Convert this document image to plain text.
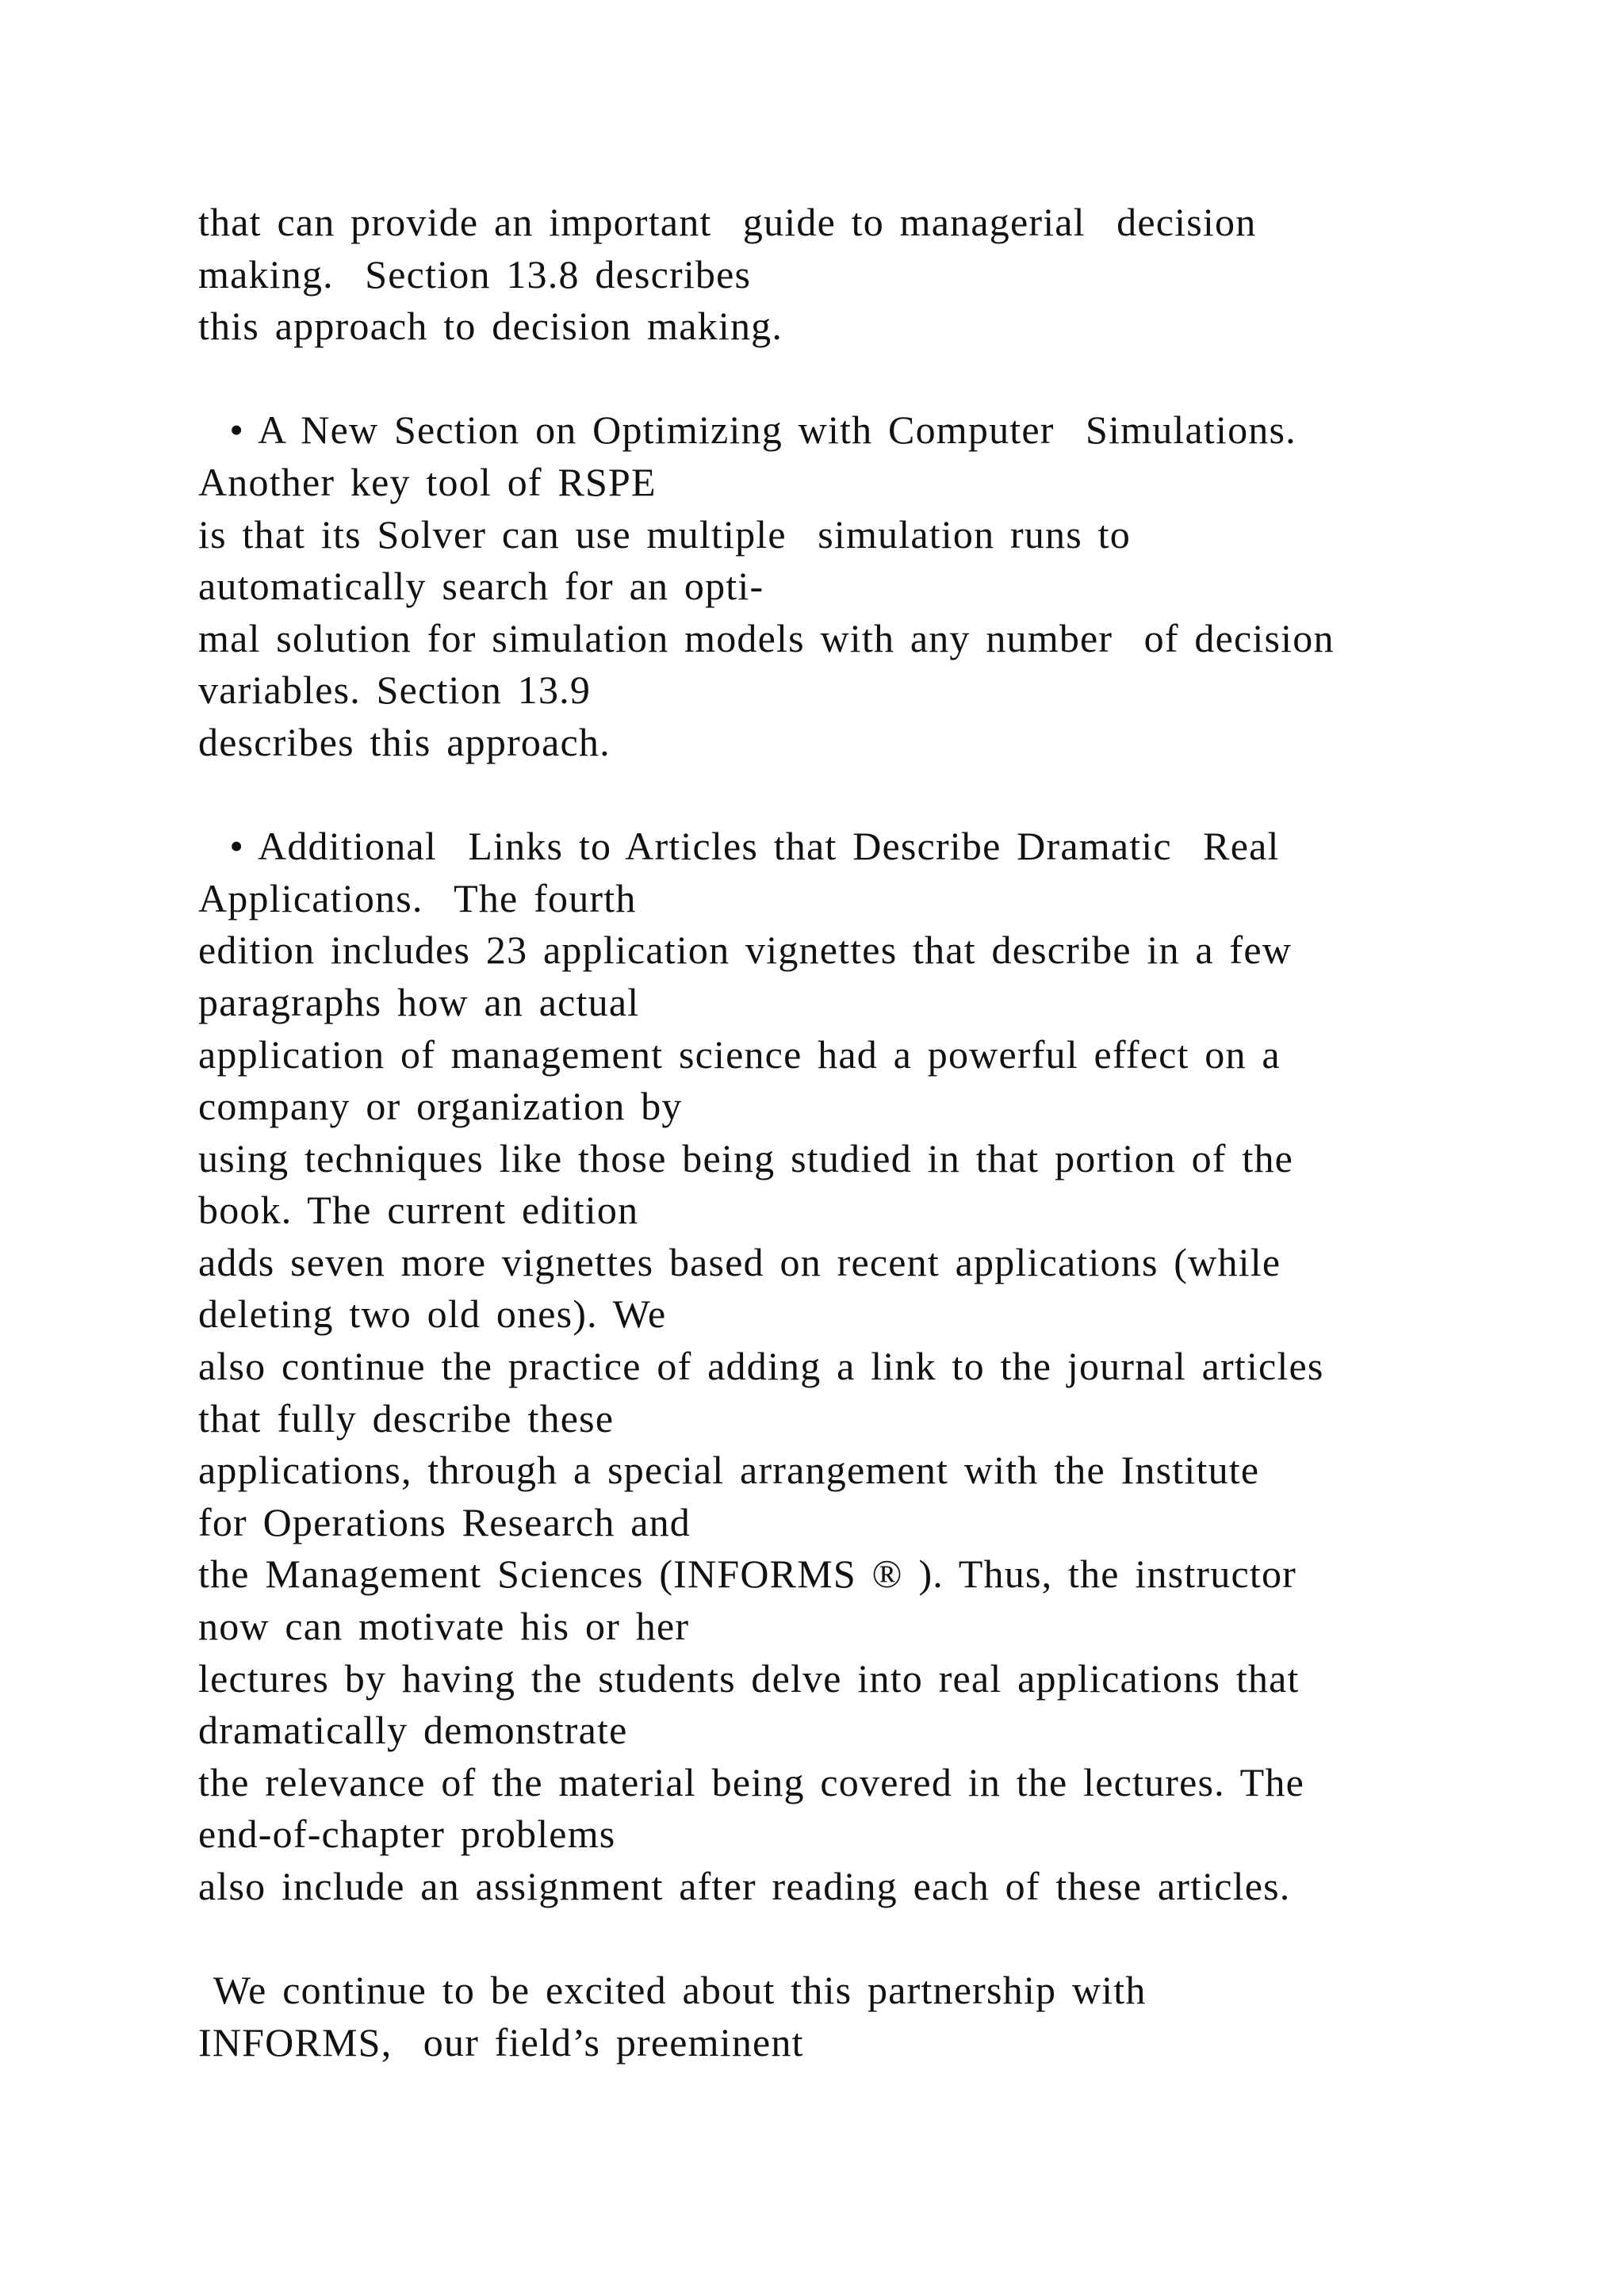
that can provide an important  guide to managerial  decision
making.  Section 13.8 describes
this approach to decision making.
• A New Section on Optimizing with Computer  Simulations.
Another key tool of RSPE
is that its Solver can use multiple  simulation runs to
automatically search for an opti-
mal solution for simulation models with any number  of decision
variables. Section 13.9
describes this approach.
• Additional  Links to Articles that Describe Dramatic  Real
Applications.  The fourth
edition includes 23 application vignettes that describe in a few
paragraphs how an actual
application of management science had a powerful effect on a
company or organization by
using techniques like those being studied in that portion of the
book. The current edition
adds seven more vignettes based on recent applications (while
deleting two old ones). We
also continue the practice of adding a link to the journal articles
that fully describe these
applications, through a special arrangement with the Institute
for Operations Research and
the Management Sciences (INFORMS ® ). Thus, the instructor
now can motivate his or her
lectures by having the students delve into real applications that
dramatically demonstrate
the relevance of the material being covered in the lectures. The
end-of-chapter problems
also include an assignment after reading each of these articles.
We continue to be excited about this partnership with
INFORMS,  our field’s preeminent
